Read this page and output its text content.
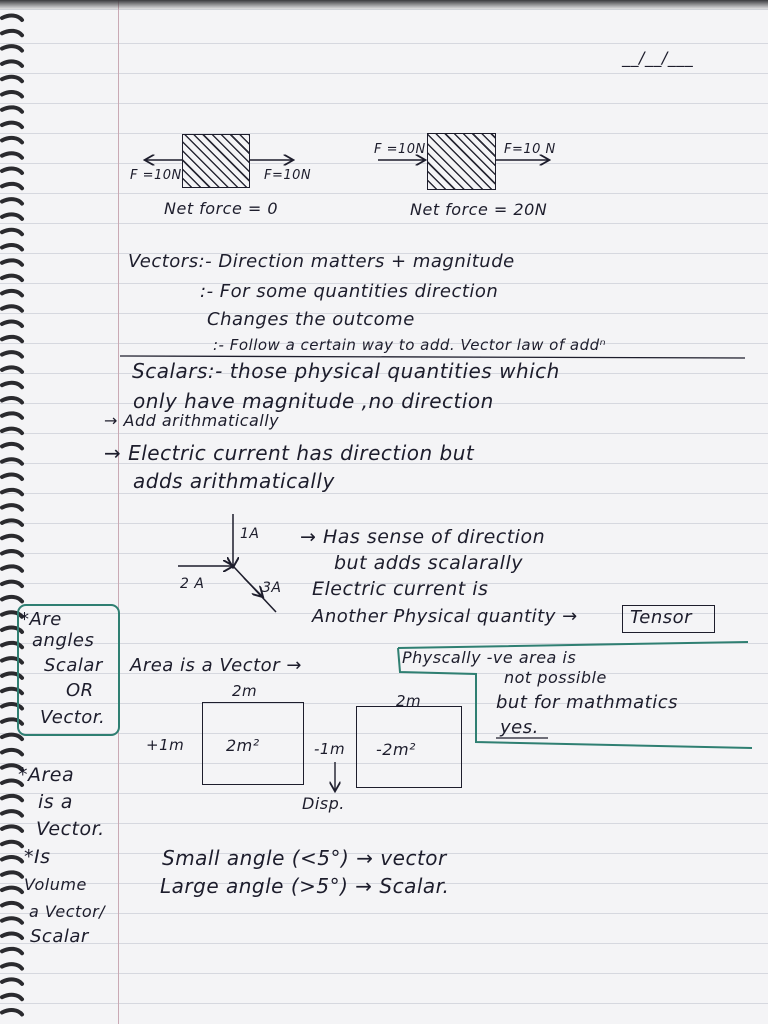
__/__/___
F =10N	F=10N
Net force = 0
F =10N	F=10 N
Net force = 20N
Vectors:- Direction matters + magnitude
:- For some quantities direction
Changes the outcome
:- Follow a certain way to add. Vector law of addⁿ
Scalars:- those physical quantities which
only have magnitude ,no direction
→ Add arithmatically
→ Electric current has direction but
adds arithmatically
1A
2 A	3A
→ Has sense of direction
but adds scalarally
Electric current is
Another Physical quantity →	Tensor
*Are
angles
Scalar
OR
Vector.
Area is a Vector →	Physcally -ve area is
not possible
but for mathmatics
yes.
2m
+1m	2m²
2m
-1m -2m²
Disp.
*Area
is a
Vector.
*Is
Volume
a Vector/
Scalar
Small angle (<5°) → vector
Large angle (>5°) → Scalar.
